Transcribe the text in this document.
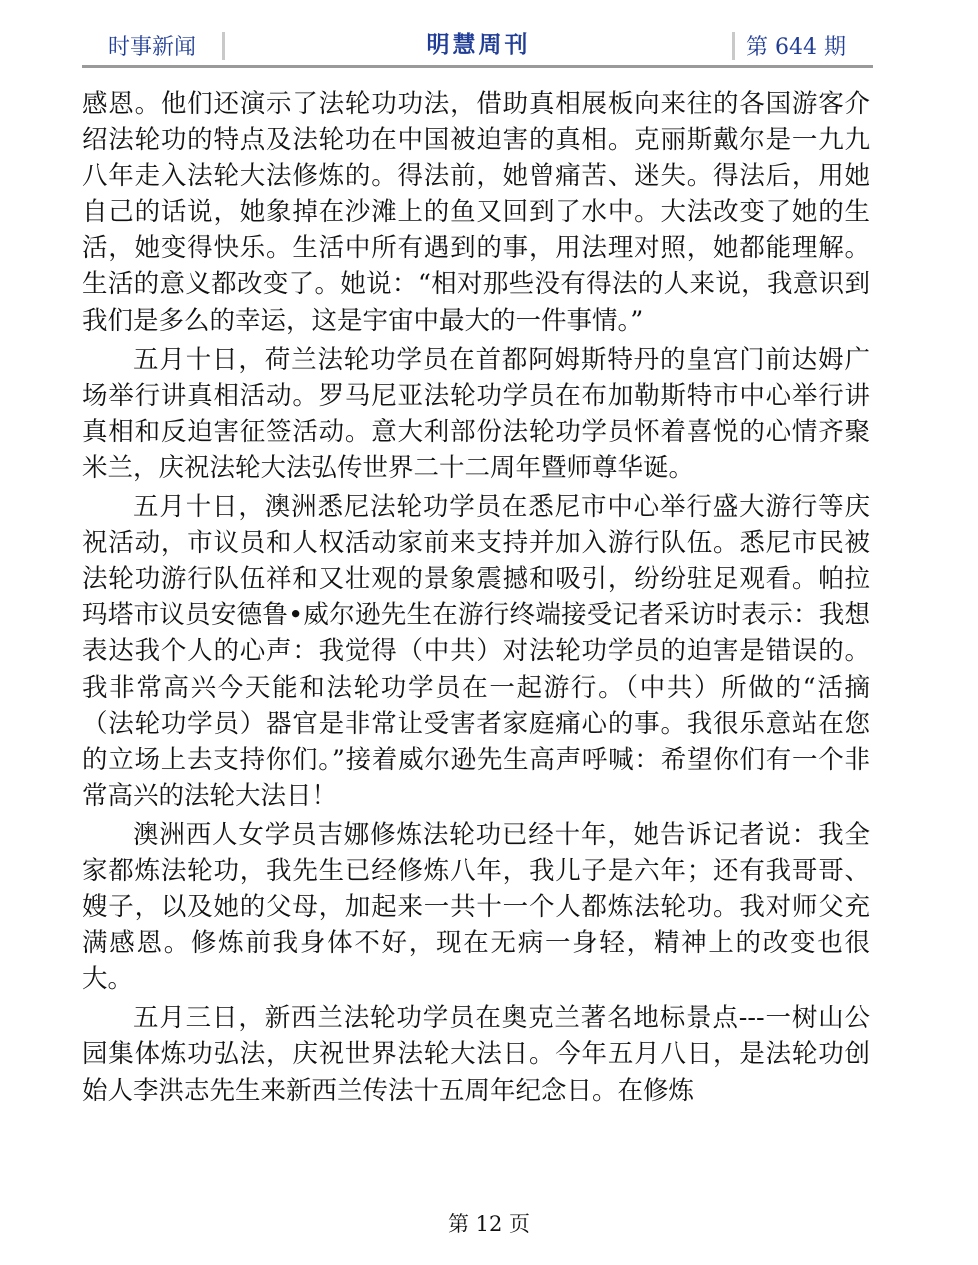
时事新闻	明慧周刊	第 644 期

感恩。他们还演示了法轮功功法，借助真相展板向来往的各国游客介绍法轮功的特点及法轮功在中国被迫害的真相。克丽斯戴尔是一九九八年走入法轮大法修炼的。得法前，她曾痛苦、迷失。得法后，用她自己的话说，她象掉在沙滩上的鱼又回到了水中。大法改变了她的生活，她变得快乐。生活中所有遇到的事，用法理对照，她都能理解。生活的意义都改变了。她说：“相对那些没有得法的人来说，我意识到我们是多么的幸运，这是宇宙中最大的一件事情。”

五月十日，荷兰法轮功学员在首都阿姆斯特丹的皇宫门前达姆广场举行讲真相活动。罗马尼亚法轮功学员在布加勒斯特市中心举行讲真相和反迫害征签活动。意大利部份法轮功学员怀着喜悦的心情齐聚米兰，庆祝法轮大法弘传世界二十二周年暨师尊华诞。

五月十日，澳洲悉尼法轮功学员在悉尼市中心举行盛大游行等庆祝活动，市议员和人权活动家前来支持并加入游行队伍。悉尼市民被法轮功游行队伍祥和又壮观的景象震撼和吸引，纷纷驻足观看。帕拉玛塔市议员安德鲁•威尔逊先生在游行终端接受记者采访时表示：我想表达我个人的心声：我觉得（中共）对法轮功学员的迫害是错误的。我非常高兴今天能和法轮功学员在一起游行。（中共）所做的“活摘（法轮功学员）器官是非常让受害者家庭痛心的事。我很乐意站在您的立场上去支持你们。”接着威尔逊先生高声呼喊：希望你们有一个非常高兴的法轮大法日！

澳洲西人女学员吉娜修炼法轮功已经十年，她告诉记者说：我全家都炼法轮功，我先生已经修炼八年，我儿子是六年；还有我哥哥、嫂子，以及她的父母，加起来一共十一个人都炼法轮功。我对师父充满感恩。修炼前我身体不好，现在无病一身轻，精神上的改变也很大。

五月三日，新西兰法轮功学员在奥克兰著名地标景点---一树山公园集体炼功弘法，庆祝世界法轮大法日。今年五月八日，是法轮功创始人李洪志先生来新西兰传法十五周年纪念日。在修炼

第 12 页
